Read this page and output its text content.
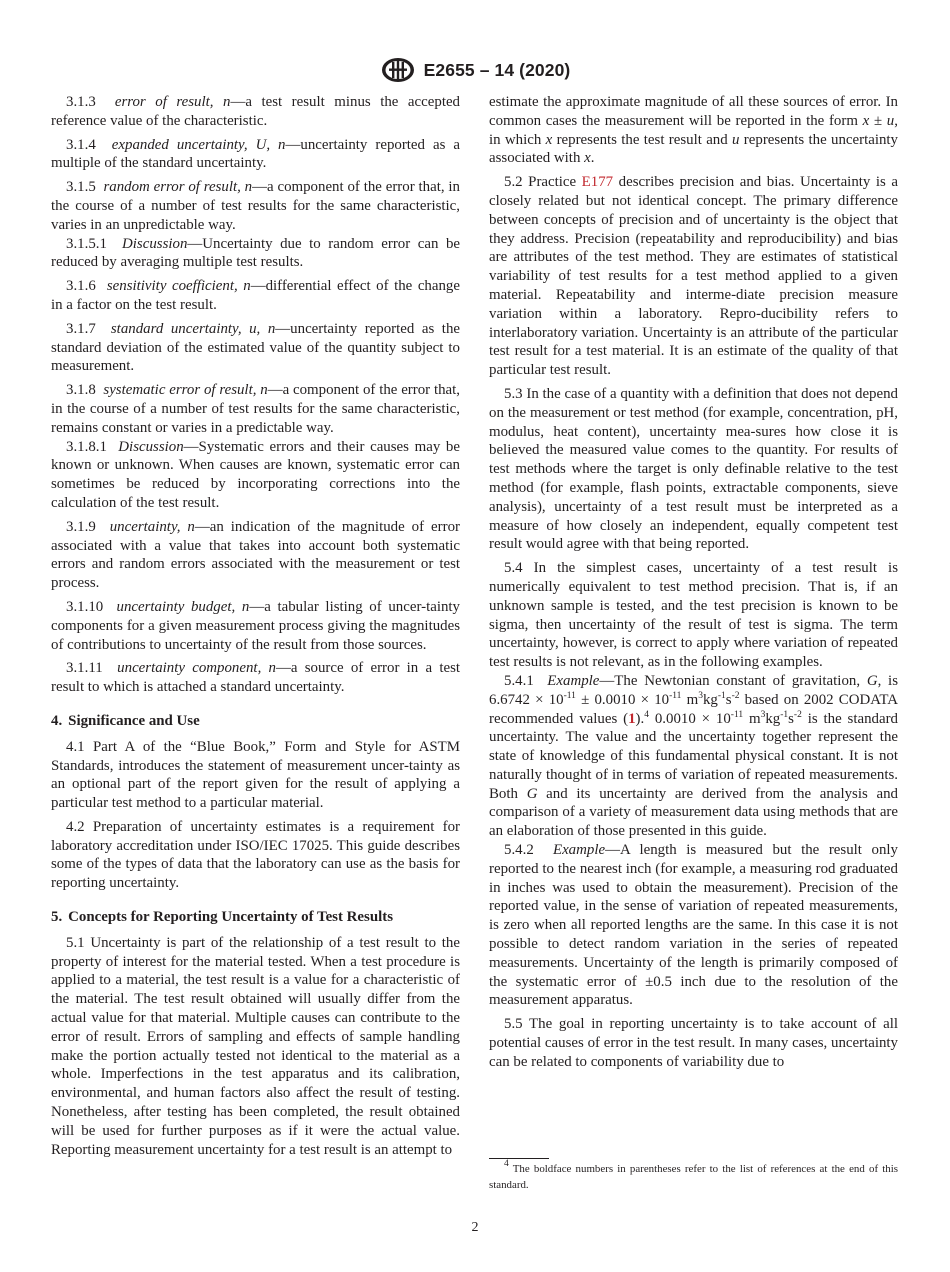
E2655 – 14 (2020)

3.1.3 error of result, n—a test result minus the accepted reference value of the characteristic.

3.1.4 expanded uncertainty, U, n—uncertainty reported as a multiple of the standard uncertainty.

3.1.5 random error of result, n—a component of the error that, in the course of a number of test results for the same characteristic, varies in an unpredictable way.

3.1.5.1 Discussion—Uncertainty due to random error can be reduced by averaging multiple test results.

3.1.6 sensitivity coefficient, n—differential effect of the change in a factor on the test result.

3.1.7 standard uncertainty, u, n—uncertainty reported as the standard deviation of the estimated value of the quantity subject to measurement.

3.1.8 systematic error of result, n—a component of the error that, in the course of a number of test results for the same characteristic, remains constant or varies in a predictable way.

3.1.8.1 Discussion—Systematic errors and their causes may be known or unknown. When causes are known, systematic error can sometimes be reduced by incorporating corrections into the calculation of the test result.

3.1.9 uncertainty, n—an indication of the magnitude of error associated with a value that takes into account both systematic errors and random errors associated with the measurement or test process.

3.1.10 uncertainty budget, n—a tabular listing of uncer-tainty components for a given measurement process giving the magnitudes of contributions to uncertainty of the result from those sources.

3.1.11 uncertainty component, n—a source of error in a test result to which is attached a standard uncertainty.

4. Significance and Use

4.1 Part A of the “Blue Book,” Form and Style for ASTM Standards, introduces the statement of measurement uncer-tainty as an optional part of the report given for the result of applying a particular test method to a particular material.

4.2 Preparation of uncertainty estimates is a requirement for laboratory accreditation under ISO/IEC 17025. This guide describes some of the types of data that the laboratory can use as the basis for reporting uncertainty.

5. Concepts for Reporting Uncertainty of Test Results

5.1 Uncertainty is part of the relationship of a test result to the property of interest for the material tested. When a test procedure is applied to a material, the test result is a value for a characteristic of the material. The test result obtained will usually differ from the actual value for that material. Multiple causes can contribute to the error of result. Errors of sampling and effects of sample handling make the portion actually tested not identical to the material as a whole. Imperfections in the test apparatus and its calibration, environmental, and human factors also affect the result of testing. Nonetheless, after testing has been completed, the result obtained will be used for further purposes as if it were the actual value. Reporting measurement uncertainty for a test result is an attempt to

estimate the approximate magnitude of all these sources of error. In common cases the measurement will be reported in the form x ± u, in which x represents the test result and u represents the uncertainty associated with x.

5.2 Practice E177 describes precision and bias. Uncertainty is a closely related but not identical concept. The primary difference between concepts of precision and of uncertainty is the object that they address. Precision (repeatability and reproducibility) and bias are attributes of the test method. They are estimates of statistical variability of test results for a test method applied to a given material. Repeatability and interme-diate precision measure variation within a laboratory. Repro-ducibility refers to interlaboratory variation. Uncertainty is an attribute of the particular test result for a test material. It is an estimate of the quality of that particular test result.

5.3 In the case of a quantity with a definition that does not depend on the measurement or test method (for example, concentration, pH, modulus, heat content), uncertainty mea-sures how close it is believed the measured value comes to the quantity. For results of test methods where the target is only definable relative to the test method (for example, flash points, extractable components, sieve analysis), uncertainty of a test result must be interpreted as a measure of how closely an independent, equally competent test result would agree with that being reported.

5.4 In the simplest cases, uncertainty of a test result is numerically equivalent to test method precision. That is, if an unknown sample is tested, and the test precision is known to be sigma, then uncertainty of the result of test is sigma. The term uncertainty, however, is correct to apply where variation of repeated test results is not relevant, as in the following examples.

5.4.1 Example—The Newtonian constant of gravitation, G, is $6.6742 \times 10^{-11} \pm 0.0010 \times 10^{-11}$ $m^3kg^{-1}s^{-2}$ based on 2002 CODATA recommended values (1).$^4$ $0.0010 \times 10^{-11}$ $m^3kg^{-1}s^{-2}$ is the standard uncertainty. The value and the uncertainty together represent the state of knowledge of this fundamental physical constant. It is not naturally thought of in terms of variation of repeated measurements. Both G and its uncertainty are derived from the analysis and comparison of a variety of measurement data using methods that are an elaboration of those presented in this guide.

5.4.2 Example—A length is measured but the result only reported to the nearest inch (for example, a measuring rod graduated in inches was used to obtain the measurement). Precision of the reported value, in the sense of variation of repeated measurements, is zero when all reported lengths are the same. In this case it is not possible to detect random variation in the series of repeated measurements. Uncertainty of the length is primarily composed of the systematic error of ±0.5 inch due to the resolution of the measurement apparatus.

5.5 The goal in reporting uncertainty is to take account of all potential causes of error in the test result. In many cases, uncertainty can be related to components of variability due to

$^4$ The boldface numbers in parentheses refer to the list of references at the end of this standard.
2
